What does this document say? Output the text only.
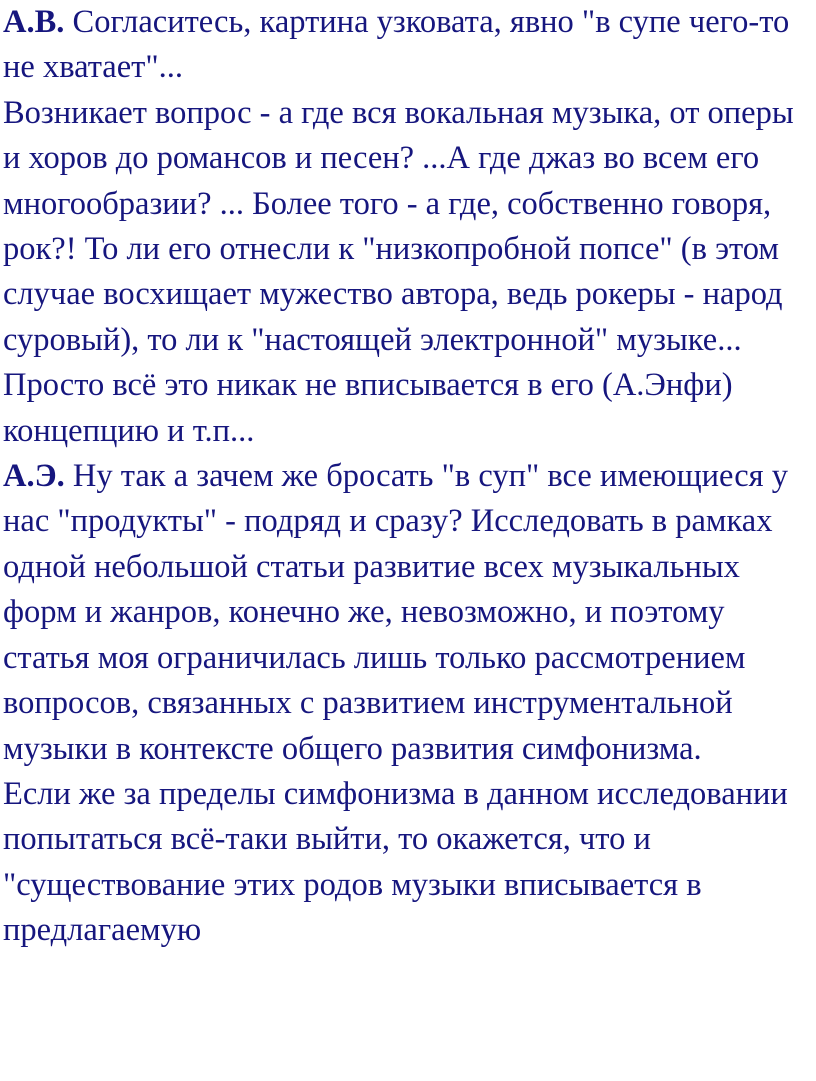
А.В. Согласитесь, картина узковата, явно "в супе чего-то не хватает"...

Возникает вопрос - а где вся вокальная музыка, от оперы и хоров до романсов и песен? ...А где джаз во всем его многообразии? ... Более того - а где, собственно говоря, рок?! То ли его отнесли к "низкопробной попсе" (в этом случае восхищает мужество автора, ведь рокеры - народ суровый), то ли к "настоящей электронной" музыке... Просто всё это никак не вписывается в его (А.Энфи) концепцию и т.п...

А.Э. Ну так а зачем же бросать "в суп" все имеющиеся у нас "продукты" - подряд и сразу? Исследовать в рамках одной небольшой статьи развитие всех музыкальных форм и жанров, конечно же, невозможно, и поэтому статья моя ограничилась лишь только рассмотрением вопросов, связанных с развитием инструментальной музыки в контексте общего развития симфонизма.

Если же за пределы симфонизма в данном исследовании попытаться всё-таки выйти, то окажется, что и "существование этих родов музыки вписывается в предлагаемую
